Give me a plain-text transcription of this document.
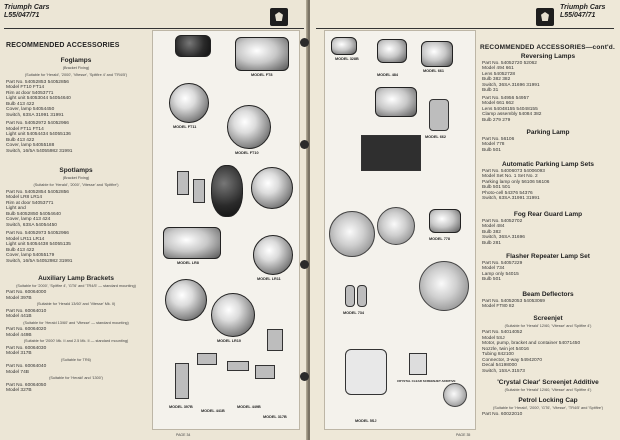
Triumph Cars
L55/047/71
RECOMMENDED ACCESSORIES
Foglamps
(Bracket Fixing)
(Suitable for 'Herald', '2000', 'Vitesse', 'Spitfire 4' and 'TR4/5')
Part No. 54052853 54052856
Model FT10 FT14
Rim at door 54053771
Light unit 54053044 54054640
Bulb 413 422
Cover, lamp 54054450
Switch, 63SA 31991 31991
Part No. 54052972 54052966
Model FT11 FT14
Light unit 54054434 54055136
Bulb 413 422
Cover, lamp 54055188
Switch, 16/5A 54055982 31991
Spotlamps
(Bracket Fixing)
(Suitable for 'Herald', '2000', 'Vitesse' and 'Spitfire')
Part No. 54052854 54052856
Model LR8 LR14
Rim at door 54053771
Light and
Bulb 54052850 54054640
Cover, lamp 413 424
Switch, 63SA 54054450
Part No. 54052973 54052966
Model LR11 LR14
Light unit 54054438 54055135
Bulb 413 422
Cover, lamp 54055179
Switch, 16/5A 54052982 31991
Auxiliary Lamp Brackets
(Suitable for '2000', 'Spitfire 4', 'GT6' and 'TR4/5' — standard mounting)
Part No. 60064000
Model 397B
(Suitable for 'Herald 13/60' and 'Vitesse' Mk. II)
Part No. 60064010
Model 441B
(Suitable for 'Herald 13/60' and 'Vitesse' — standard mounting)
Part No. 60064020
Model 449B
(Suitable for '2000' Mk. II and 2.5 Mk. II — standard mounting)
Part No. 60064030
Model 317B
(Suitable for TR6)
Part No. 60064040
Model 74B
(Suitable for 'Herald' and '1300')
Part No. 60064050
Model 327B
MODEL FT8
MODEL FT11
MODEL FT10
MODEL LR8
MODEL LR11
MODEL LR10
MODEL 397B
MODEL 441B
MODEL 449B
MODEL 317B
PAGE 34
Triumph Cars
L55/047/71
MODEL 328B
MODEL 484
MODEL 661
MODEL 662
MODEL 778
MODEL 734
MODEL 5SJ
CRYSTAL CLEAR SCREENJET ADDITIVE
PAGE 35
RECOMMENDED ACCESSORIES—cont'd.
Reversing Lamps
Part No. 54052720 52062
Model 494 661
Lens 54052728
Bulb 382 382
Switch, 36SA 31696 31991
Bulb 31
Part No. 54956 54957
Model 661 662
Lens 54048155 54048155
Clamp assembly 54084 382
Bulb 279 279
Parking Lamp
Part No. 56106
Model 778
Bulb 501
Automatic Parking Lamp Sets
Part No. 54006073 54006093
Model Set No. 1 Set No. 2
Parking lamp only 56106 56106
Bulb 501 501
Photo-cell 54376 54376
Switch, 63SA 31991 31991
Fog Rear Guard Lamp
Part No. 54052702
Model 484
Bulb 382
Switch, 36SA 31696
Bulb 281
Flasher Repeater Lamp Set
Part No. 54057229
Model 734
Lamp only 54015
Bulb 501
Beam Deflectors
Part No. 54052053 54053069
Model FT80 82
Screenjet
(Suitable for 'Herald' 12/60, 'Vitesse' and 'Spitfire 4')
Part No. 54014052
Model 5SJ
Motor, pump, bracket and container 54071450
Nozzle, twin jet 54016
Tubing 842100
Connector, 3-way 54942070
Decal 54198000
Switch, 15SA 31573
'Crystal Clear' Screenjet Additive
(Suitable for 'Herald' 12/60, 'Vitesse' and 'Spitfire 4')
Petrol Locking Cap
(Suitable for 'Herald', '2000', 'GT6', 'Vitesse', 'TR4/5' and 'Spitfire')
Part No. 60022010
